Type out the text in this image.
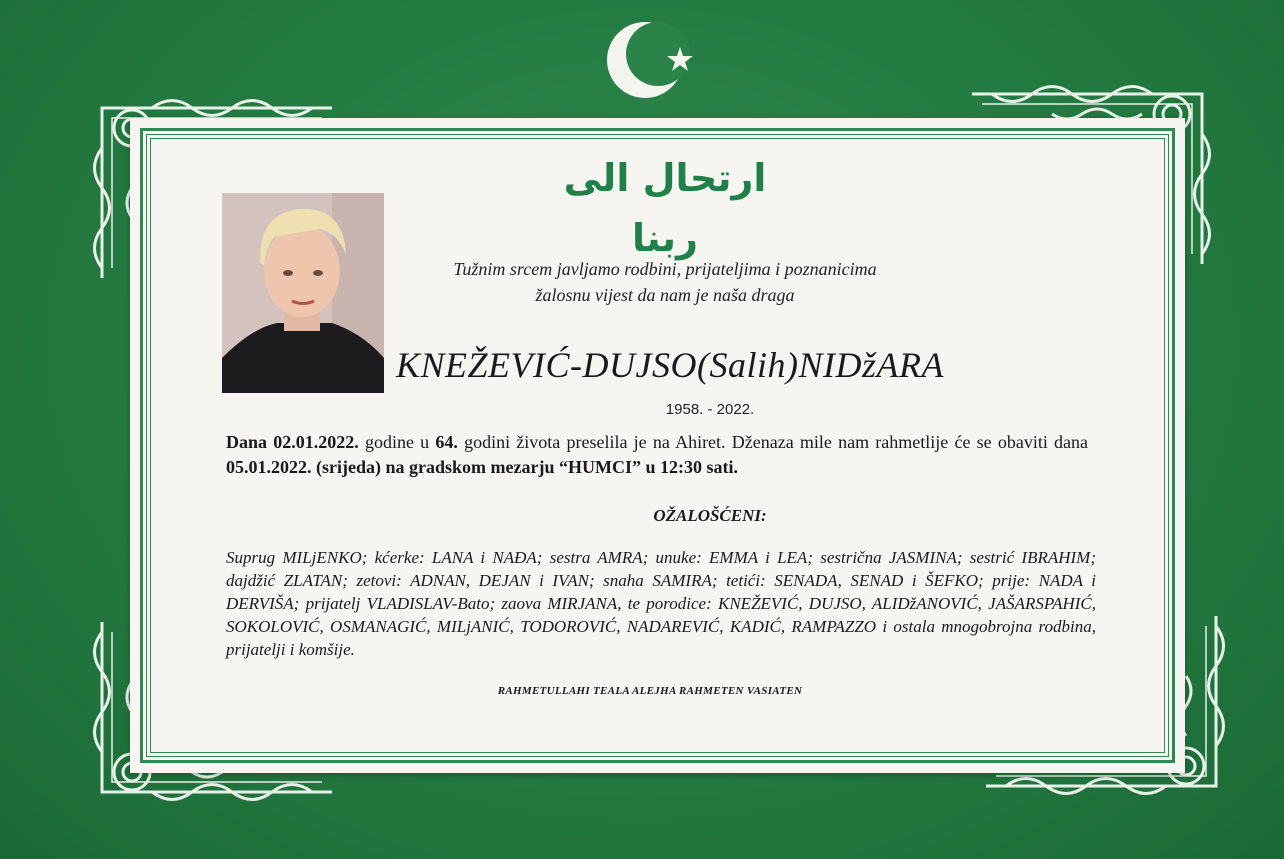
ارتحال الى ربنا
Tužnim srcem javljamo rodbini, prijateljima i poznanicima
žalosnu vijest da nam je naša draga
KNEŽEVIĆ-DUJSO(Salih)NIDžARA
1958. - 2022.
Dana 02.01.2022. godine u 64. godini života preselila je na Ahiret. Dženaza mile nam rahmetlije će se obaviti dana 05.01.2022. (srijeda) na gradskom mezarju “HUMCI” u 12:30 sati.
OŽALOŠĆENI:
Suprug MILjENKO; kćerke: LANA i NAĐA; sestra AMRA; unuke: EMMA i LEA; sestrična JASMINA; sestrić IBRAHIM; dajdžić ZLATAN; zetovi: ADNAN, DEJAN i IVAN; snaha SAMIRA; tetići: SENADA, SENAD i ŠEFKO; prije: NADA i DERVIŠA; prijatelj VLADISLAV-Bato; zaova MIRJANA, te porodice: KNEŽEVIĆ, DUJSO, ALIDžANOVIĆ, JAŠARSPAHIĆ, SOKOLOVIĆ, OSMANAGIĆ, MILjANIĆ, TODOROVIĆ, NADAREVIĆ, KADIĆ, RAMPAZZO i ostala mnogobrojna rodbina, prijatelji i komšije.
RAHMETULLAHI TEALA ALEJHA RAHMETEN VASIATEN
